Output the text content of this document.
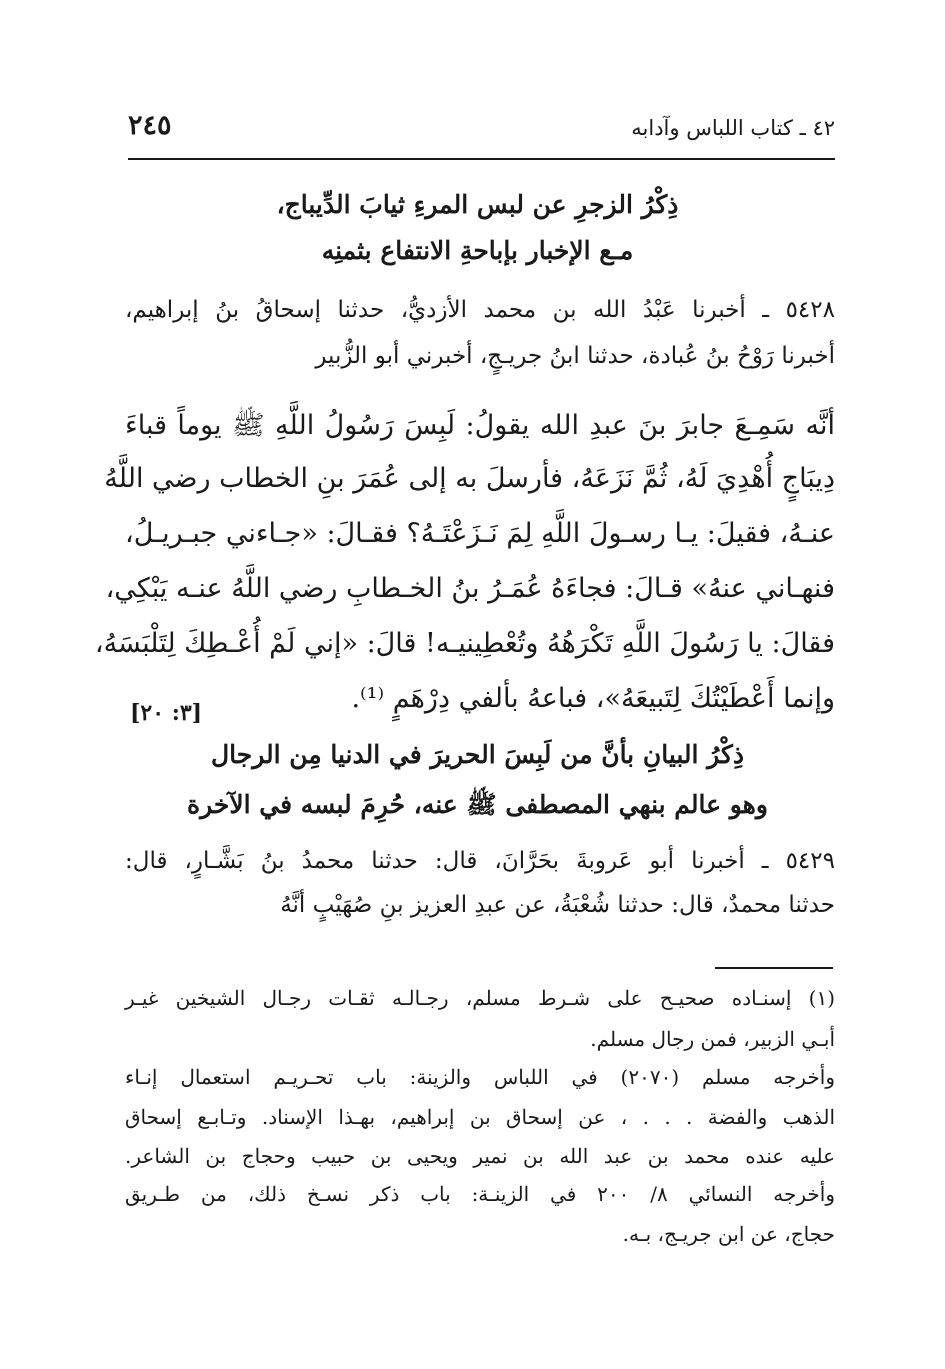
٤٢ ـ كتاب اللباس وآدابه
٢٤٥
ذِكْرُ الزجرِ عن لبس المرءِ ثيابَ الدِّيباج،
مـع الإخبار بإباحةِ الانتفاع بثمنِه
٥٤٢٨ ـ أخبرنا عَبْدُ الله بن محمد الأزديُّ، حدثنا إسحاقُ بنُ إبراهيم،
أخبرنا رَوْحُ بنُ عُبادة، حدثنا ابنُ جريـجٍ، أخبرني أبو الزُّبير
أنَّه سَمِـعَ جابرَ بنَ عبدِ الله يقولُ: لَبِسَ رَسُولُ اللَّهِ ﷺ يوماً قباءَ
دِيبَاجٍ أُهْدِيَ لَهُ، ثُمَّ نَزَعَهُ، فأرسلَ به إلى عُمَرَ بنِ الخطاب رضي اللَّهُ
عنـهُ، فقيلَ: يـا رسـولَ اللَّهِ لِمَ نَـزَعْتَـهُ؟ فقـالَ: «جـاءني جبـريـلُ،
فنهـاني عنهُ» قـالَ: فجاءَهُ عُمَـرُ بنُ الخـطابِ رضي اللَّهُ عنـه يَبْكِي،
فقالَ: يا رَسُولَ اللَّهِ تَكْرَهُهُ وتُعْطِينيـه! قالَ: «إني لَمْ أُعْـطِكَ لِتَلْبَسَهُ،
وإنما أَعْطَيْتُكَ لِتَبيعَهُ»، فباعهُ بألفي دِرْهَمٍ ⁽¹⁾.
[٣: ٢٠]
ذِكْرُ البيانِ بأنَّ من لَبِسَ الحريرَ في الدنيا مِن الرجال
وهو عالم بنهي المصطفى ﷺ عنه، حُرِمَ لبسه في الآخرة
٥٤٢٩ ـ أخبرنا أبو عَروبةَ بحَرَّانَ، قال: حدثنا محمدُ بنُ بَشَّـارٍ، قال:
حدثنا محمدٌ، قال: حدثنا شُعْبَةُ، عن عبدِ العزيز بنِ صُهَيْبٍ أنَّهُ
(١) إسنـاده صحيـح على شـرط مسلم، رجـالـه ثقـات رجـال الشيخين غيـر
أبـي الزبير، فمن رجال مسلم.
وأخرجه مسلم (٢٠٧٠) في اللباس والزينة: باب تحـريـم استعمال إنـاء
الذهب والفضة . . . ، عن إسحاق بن إبراهيم، بهـذا الإسناد. وتـابـع إسحاق
عليه عنده محمد بن عبد الله بن نمير ويحيى بن حبيب وحجاج بن الشاعر.
وأخرجه النسائي ٨/ ٢٠٠ في الزينـة: باب ذكر نسـخ ذلك، من طـريق
حجاج، عن ابن جريـج، بـه.
